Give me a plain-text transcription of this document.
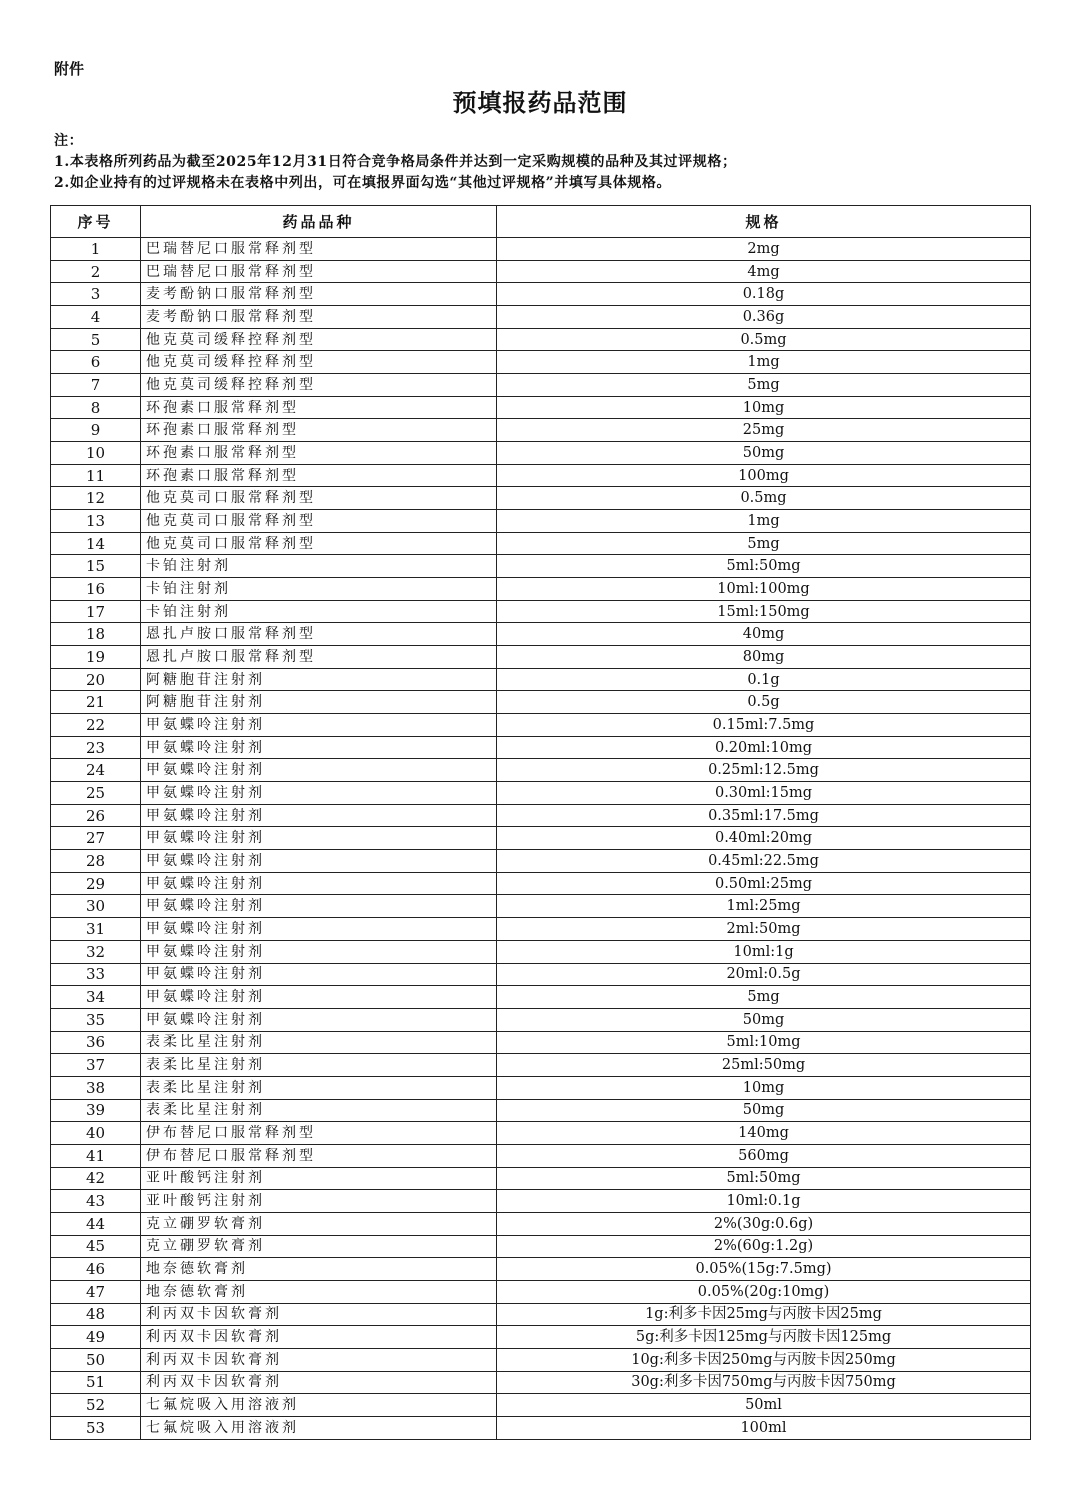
附件
预填报药品范围
注：
1.本表格所列药品为截至2025年12月31日符合竞争格局条件并达到一定采购规模的品种及其过评规格；
2.如企业持有的过评规格未在表格中列出，可在填报界面勾选“其他过评规格”并填写具体规格。
序号	药品品种	规格
1	巴瑞替尼口服常释剂型	2mg
2	巴瑞替尼口服常释剂型	4mg
3	麦考酚钠口服常释剂型	0.18g
4	麦考酚钠口服常释剂型	0.36g
5	他克莫司缓释控释剂型	0.5mg
6	他克莫司缓释控释剂型	1mg
7	他克莫司缓释控释剂型	5mg
8	环孢素口服常释剂型	10mg
9	环孢素口服常释剂型	25mg
10	环孢素口服常释剂型	50mg
11	环孢素口服常释剂型	100mg
12	他克莫司口服常释剂型	0.5mg
13	他克莫司口服常释剂型	1mg
14	他克莫司口服常释剂型	5mg
15	卡铂注射剂	5ml:50mg
16	卡铂注射剂	10ml:100mg
17	卡铂注射剂	15ml:150mg
18	恩扎卢胺口服常释剂型	40mg
19	恩扎卢胺口服常释剂型	80mg
20	阿糖胞苷注射剂	0.1g
21	阿糖胞苷注射剂	0.5g
22	甲氨蝶呤注射剂	0.15ml:7.5mg
23	甲氨蝶呤注射剂	0.20ml:10mg
24	甲氨蝶呤注射剂	0.25ml:12.5mg
25	甲氨蝶呤注射剂	0.30ml:15mg
26	甲氨蝶呤注射剂	0.35ml:17.5mg
27	甲氨蝶呤注射剂	0.40ml:20mg
28	甲氨蝶呤注射剂	0.45ml:22.5mg
29	甲氨蝶呤注射剂	0.50ml:25mg
30	甲氨蝶呤注射剂	1ml:25mg
31	甲氨蝶呤注射剂	2ml:50mg
32	甲氨蝶呤注射剂	10ml:1g
33	甲氨蝶呤注射剂	20ml:0.5g
34	甲氨蝶呤注射剂	5mg
35	甲氨蝶呤注射剂	50mg
36	表柔比星注射剂	5ml:10mg
37	表柔比星注射剂	25ml:50mg
38	表柔比星注射剂	10mg
39	表柔比星注射剂	50mg
40	伊布替尼口服常释剂型	140mg
41	伊布替尼口服常释剂型	560mg
42	亚叶酸钙注射剂	5ml:50mg
43	亚叶酸钙注射剂	10ml:0.1g
44	克立硼罗软膏剂	2%(30g:0.6g)
45	克立硼罗软膏剂	2%(60g:1.2g)
46	地奈德软膏剂	0.05%(15g:7.5mg)
47	地奈德软膏剂	0.05%(20g:10mg)
48	利丙双卡因软膏剂	1g:利多卡因25mg与丙胺卡因25mg
49	利丙双卡因软膏剂	5g:利多卡因125mg与丙胺卡因125mg
50	利丙双卡因软膏剂	10g:利多卡因250mg与丙胺卡因250mg
51	利丙双卡因软膏剂	30g:利多卡因750mg与丙胺卡因750mg
52	七氟烷吸入用溶液剂	50ml
53	七氟烷吸入用溶液剂	100ml
